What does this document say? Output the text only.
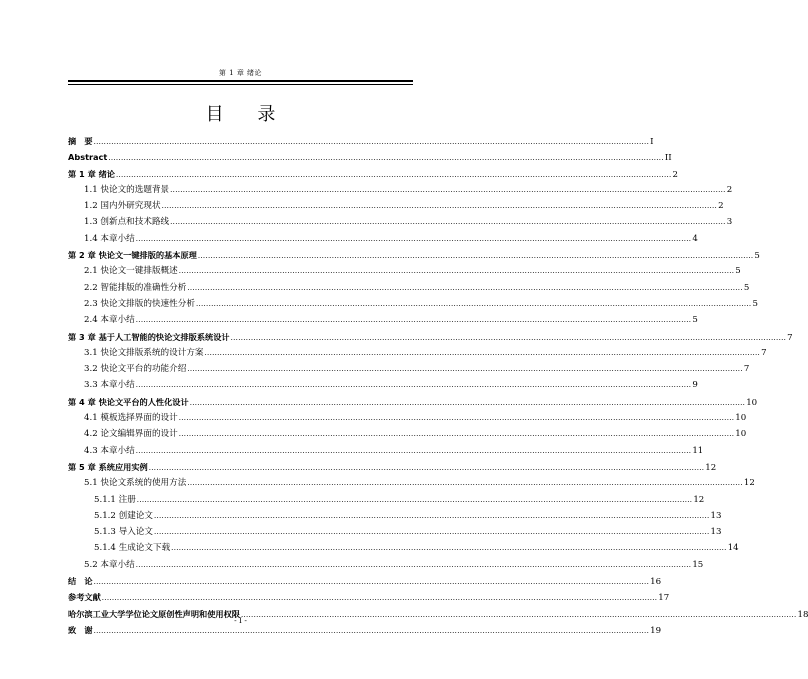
第 1 章 绪论
目 录
摘　要 ............................................................................................................................................................................................................................ I
Abstract ............................................................................................................................................................................................................................ II
第 1 章 绪论 ............................................................................................................................................................................................................................ 2
1.1 快论文的选题背景 ............................................................................................................................................................................................................................ 2
1.2 国内外研究现状 ............................................................................................................................................................................................................................ 2
1.3 创新点和技术路线 ............................................................................................................................................................................................................................ 3
1.4 本章小结 ............................................................................................................................................................................................................................ 4
第 2 章 快论文一键排版的基本原理 ............................................................................................................................................................................................................................ 5
2.1 快论文一键排版概述 ............................................................................................................................................................................................................................ 5
2.2 智能排版的准确性分析 ............................................................................................................................................................................................................................ 5
2.3 快论文排版的快速性分析 ............................................................................................................................................................................................................................ 5
2.4 本章小结 ............................................................................................................................................................................................................................ 5
第 3 章 基于人工智能的快论文排版系统设计 ............................................................................................................................................................................................................................ 7
3.1 快论文排版系统的设计方案 ............................................................................................................................................................................................................................ 7
3.2 快论文平台的功能介绍 ............................................................................................................................................................................................................................ 7
3.3 本章小结 ............................................................................................................................................................................................................................ 9
第 4 章 快论文平台的人性化设计 ............................................................................................................................................................................................................................ 10
4.1 模板选择界面的设计 ............................................................................................................................................................................................................................ 10
4.2 论文编辑界面的设计 ............................................................................................................................................................................................................................ 10
4.3 本章小结 ............................................................................................................................................................................................................................ 11
第 5 章 系统应用实例 ............................................................................................................................................................................................................................ 12
5.1 快论文系统的使用方法 ............................................................................................................................................................................................................................ 12
5.1.1 注册 ............................................................................................................................................................................................................................ 12
5.1.2 创建论文 ............................................................................................................................................................................................................................ 13
5.1.3 导入论文 ............................................................................................................................................................................................................................ 13
5.1.4 生成论文下载 ............................................................................................................................................................................................................................ 14
5.2 本章小结 ............................................................................................................................................................................................................................ 15
结　论 ............................................................................................................................................................................................................................ 16
参考文献 ............................................................................................................................................................................................................................ 17
哈尔滨工业大学学位论文原创性声明和使用权限 ............................................................................................................................................................................................................................ 18
致　谢 ............................................................................................................................................................................................................................ 19
- I -
